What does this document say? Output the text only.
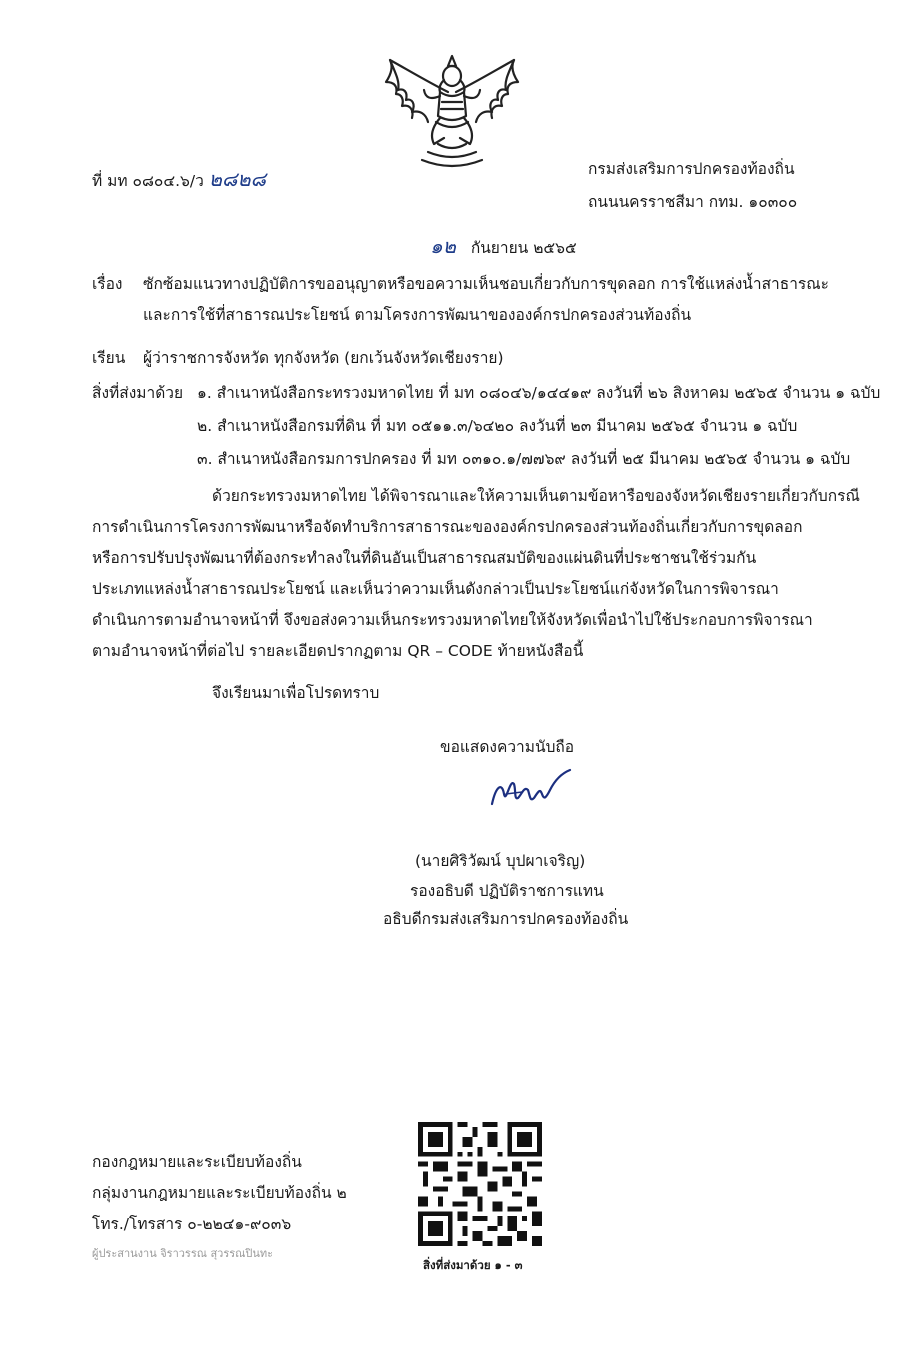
ที่ มท ๐๘๐๔.๖/ว ๒๘๒๘	กรมส่งเสริมการปกครองท้องถิ่น
ถนนนครราชสีมา กทม. ๑๐๓๐๐
๑๒ กันยายน ๒๕๖๕
เรื่อง ซักซ้อมแนวทางปฏิบัติการขออนุญาตหรือขอความเห็นชอบเกี่ยวกับการขุดลอก การใช้แหล่งน้ำสาธารณะ
และการใช้ที่สาธารณประโยชน์ ตามโครงการพัฒนาขององค์กรปกครองส่วนท้องถิ่น
เรียน ผู้ว่าราชการจังหวัด ทุกจังหวัด (ยกเว้นจังหวัดเชียงราย)
สิ่งที่ส่งมาด้วย ๑. สำเนาหนังสือกระทรวงมหาดไทย ที่ มท ๐๘๐๔๖/๑๔๔๑๙ ลงวันที่ ๒๖ สิงหาคม ๒๕๖๕ จำนวน ๑ ฉบับ
๒. สำเนาหนังสือกรมที่ดิน ที่ มท ๐๕๑๑.๓/๖๔๒๐ ลงวันที่ ๒๓ มีนาคม ๒๕๖๕ จำนวน ๑ ฉบับ
๓. สำเนาหนังสือกรมการปกครอง ที่ มท ๐๓๑๐.๑/๗๗๖๙ ลงวันที่ ๒๕ มีนาคม ๒๕๖๕ จำนวน ๑ ฉบับ
ด้วยกระทรวงมหาดไทย ได้พิจารณาและให้ความเห็นตามข้อหารือของจังหวัดเชียงรายเกี่ยวกับกรณี
การดำเนินการโครงการพัฒนาหรือจัดทำบริการสาธารณะขององค์กรปกครองส่วนท้องถิ่นเกี่ยวกับการขุดลอก
หรือการปรับปรุงพัฒนาที่ต้องกระทำลงในที่ดินอันเป็นสาธารณสมบัติของแผ่นดินที่ประชาชนใช้ร่วมกัน
ประเภทแหล่งน้ำสาธารณประโยชน์ และเห็นว่าความเห็นดังกล่าวเป็นประโยชน์แก่จังหวัดในการพิจารณา
ดำเนินการตามอำนาจหน้าที่ จึงขอส่งความเห็นกระทรวงมหาดไทยให้จังหวัดเพื่อนำไปใช้ประกอบการพิจารณา
ตามอำนาจหน้าที่ต่อไป รายละเอียดปรากฏตาม QR – CODE ท้ายหนังสือนี้
จึงเรียนมาเพื่อโปรดทราบ
ขอแสดงความนับถือ
(นายศิริวัฒน์ บุปผาเจริญ)
รองอธิบดี ปฏิบัติราชการแทน
อธิบดีกรมส่งเสริมการปกครองท้องถิ่น
กองกฎหมายและระเบียบท้องถิ่น
กลุ่มงานกฎหมายและระเบียบท้องถิ่น ๒
โทร./โทรสาร ๐-๒๒๔๑-๙๐๓๖
ผู้ประสานงาน จิราวรรณ สุวรรณปินทะ
สิ่งที่ส่งมาด้วย ๑ - ๓
